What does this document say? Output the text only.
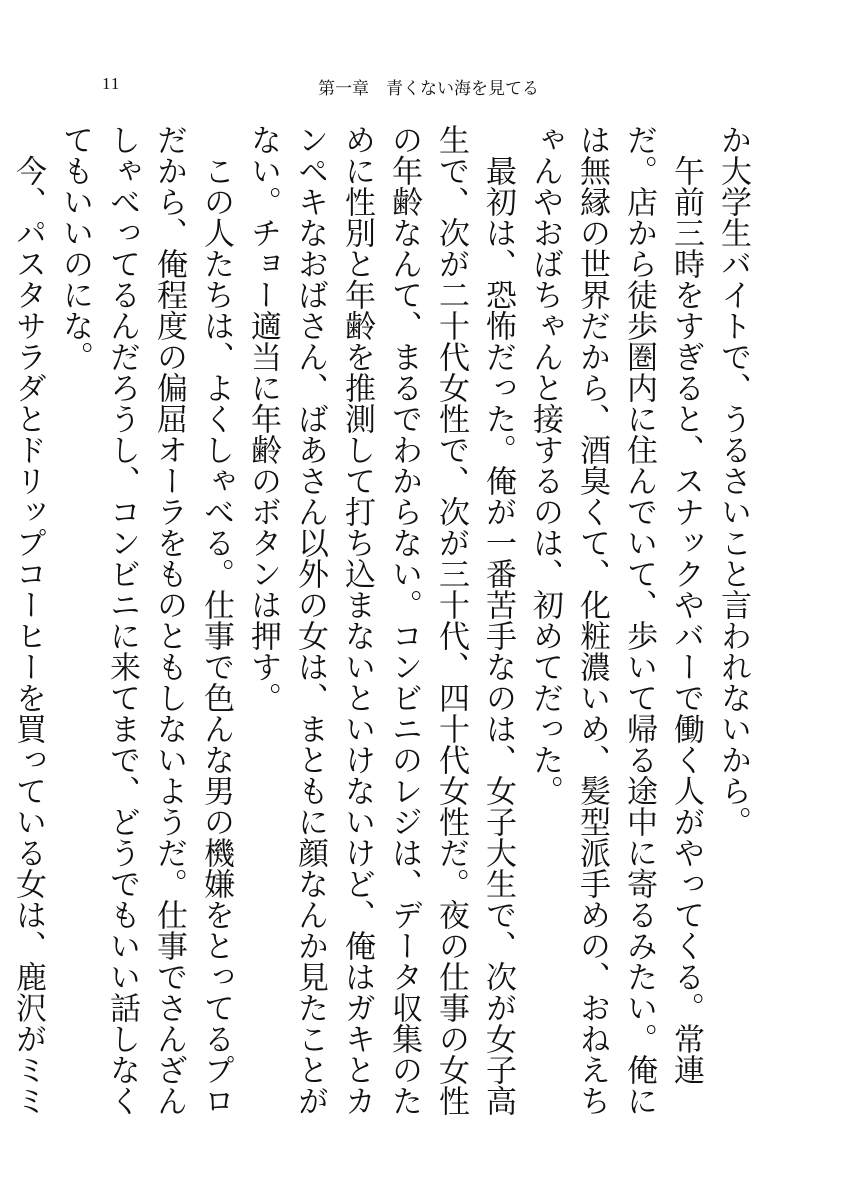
11	第一章　青くない海を見てる

か大学生バイトで、うるさいこと言われないから。

午前三時をすぎると、スナックやバーで働く人がやってくる。常連だ。店から徒歩圏内に住んでいて、歩いて帰る途中に寄るみたい。俺には無縁の世界だから、酒臭くて、化粧濃いめ、髪型派手めの、おねえちゃんやおばちゃんと接するのは、初めてだった。

最初は、恐怖だった。俺が一番苦手なのは、女子大生で、次が女子高生で、次が二十代女性で、次が三十代、四十代女性だ。夜の仕事の女性の年齢なんて、まるでわからない。コンビニのレジは、データ収集のために性別と年齢を推測して打ち込まないといけないけど、俺はガキとカンペキなおばさん、ばあさん以外の女は、まともに顔なんか見たことがない。チョー適当に年齢のボタンは押す。

この人たちは、よくしゃべる。仕事で色んな男の機嫌をとってるプロだから、俺程度の偏屈オーラをものともしないようだ。仕事でさんざんしゃべってるんだろうし、コンビニに来てまで、どうでもいい話しなくてもいいのにな。

今、パスタサラダとドリップコーヒーを買っている女は、鹿沢がミミ
